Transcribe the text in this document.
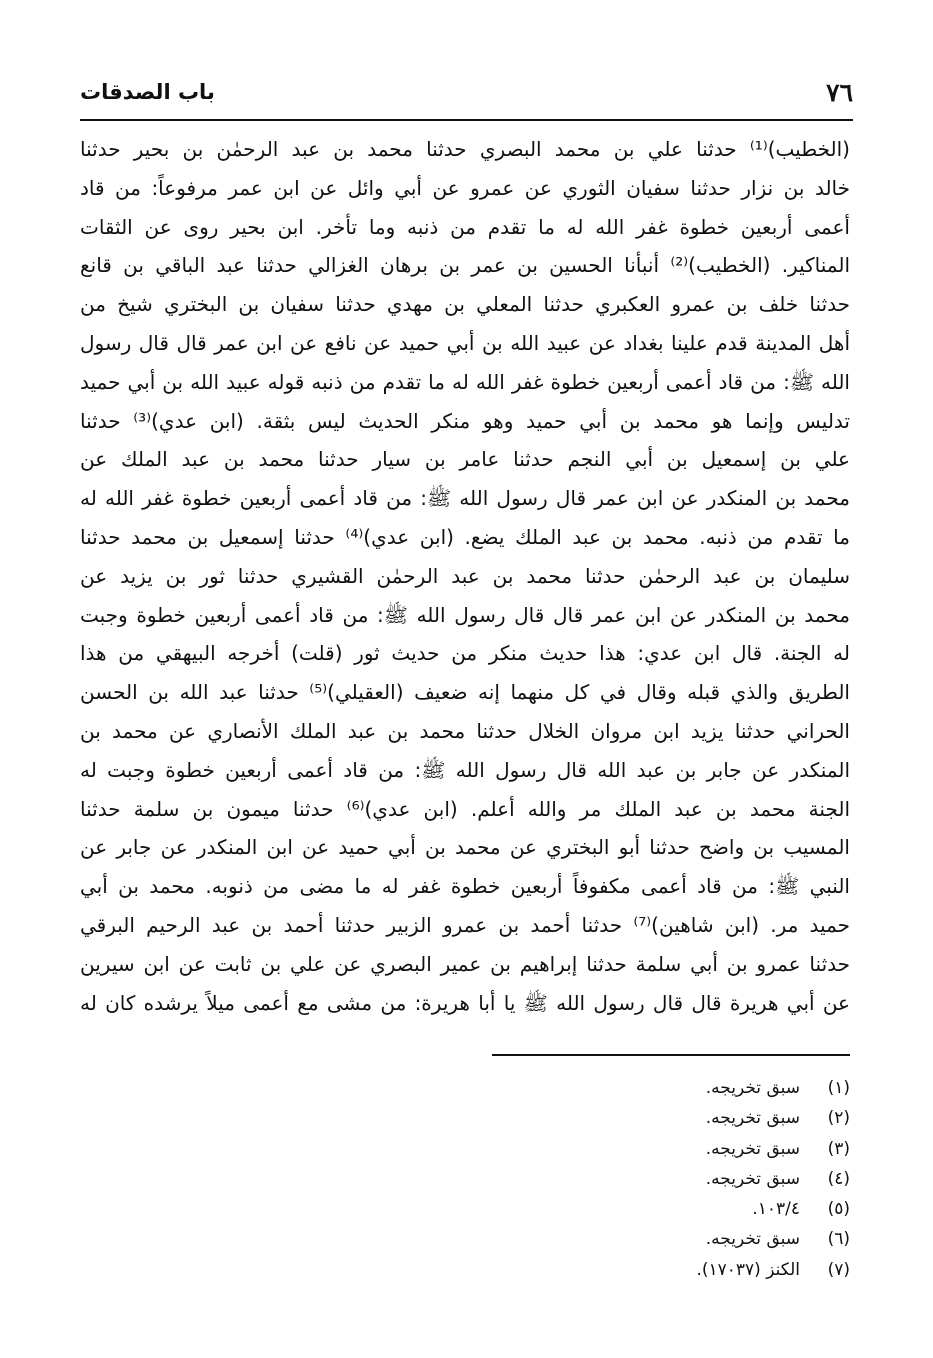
٧٦
باب الصدقات
(الخطيب)⁽¹⁾ حدثنا علي بن محمد البصري حدثنا محمد بن عبد الرحمٰن بن بحير حدثنا
خالد بن نزار حدثنا سفيان الثوري عن عمرو عن أبي وائل عن ابن عمر مرفوعاً: من قاد
أعمى أربعين خطوة غفر الله له ما تقدم من ذنبه وما تأخر. ابن بحير روى عن الثقات
المناكير. (الخطيب)⁽²⁾ أنبأنا الحسين بن عمر بن برهان الغزالي حدثنا عبد الباقي بن قانع
حدثنا خلف بن عمرو العكبري حدثنا المعلي بن مهدي حدثنا سفيان بن البختري شيخ من
أهل المدينة قدم علينا بغداد عن عبيد الله بن أبي حميد عن نافع عن ابن عمر قال قال رسول
الله ﷺ: من قاد أعمى أربعين خطوة غفر الله له ما تقدم من ذنبه قوله عبيد الله بن أبي حميد
تدليس وإنما هو محمد بن أبي حميد وهو منكر الحديث ليس بثقة. (ابن عدي)⁽³⁾ حدثنا
علي بن إسمعيل بن أبي النجم حدثنا عامر بن سيار حدثنا محمد بن عبد الملك عن
محمد بن المنكدر عن ابن عمر قال رسول الله ﷺ: من قاد أعمى أربعين خطوة غفر الله له
ما تقدم من ذنبه. محمد بن عبد الملك يضع. (ابن عدي)⁽⁴⁾ حدثنا إسمعيل بن محمد حدثنا
سليمان بن عبد الرحمٰن حدثنا محمد بن عبد الرحمٰن القشيري حدثنا ثور بن يزيد عن
محمد بن المنكدر عن ابن عمر قال قال رسول الله ﷺ: من قاد أعمى أربعين خطوة وجبت
له الجنة. قال ابن عدي: هذا حديث منكر من حديث ثور (قلت) أخرجه البيهقي من هذا
الطريق والذي قبله وقال في كل منهما إنه ضعيف (العقيلي)⁽⁵⁾ حدثنا عبد الله بن الحسن
الحراني حدثنا يزيد ابن مروان الخلال حدثنا محمد بن عبد الملك الأنصاري عن محمد بن
المنكدر عن جابر بن عبد الله قال رسول الله ﷺ: من قاد أعمى أربعين خطوة وجبت له
الجنة محمد بن عبد الملك مر والله أعلم. (ابن عدي)⁽⁶⁾ حدثنا ميمون بن سلمة حدثنا
المسيب بن واضح حدثنا أبو البختري عن محمد بن أبي حميد عن ابن المنكدر عن جابر عن
النبي ﷺ: من قاد أعمى مكفوفاً أربعين خطوة غفر له ما مضى من ذنوبه. محمد بن أبي
حميد مر. (ابن شاهين)⁽⁷⁾ حدثنا أحمد بن عمرو الزبير حدثنا أحمد بن عبد الرحيم البرقي
حدثنا عمرو بن أبي سلمة حدثنا إبراهيم بن عمير البصري عن علي بن ثابت عن ابن سيرين
عن أبي هريرة قال قال رسول الله ﷺ يا أبا هريرة: من مشى مع أعمى ميلاً يرشده كان له
(١)سبق تخريجه.
(٢)سبق تخريجه.
(٣)سبق تخريجه.
(٤)سبق تخريجه.
(٥)١٠٣/٤.
(٦)سبق تخريجه.
(٧)الكنز (١٧٠٣٧).
